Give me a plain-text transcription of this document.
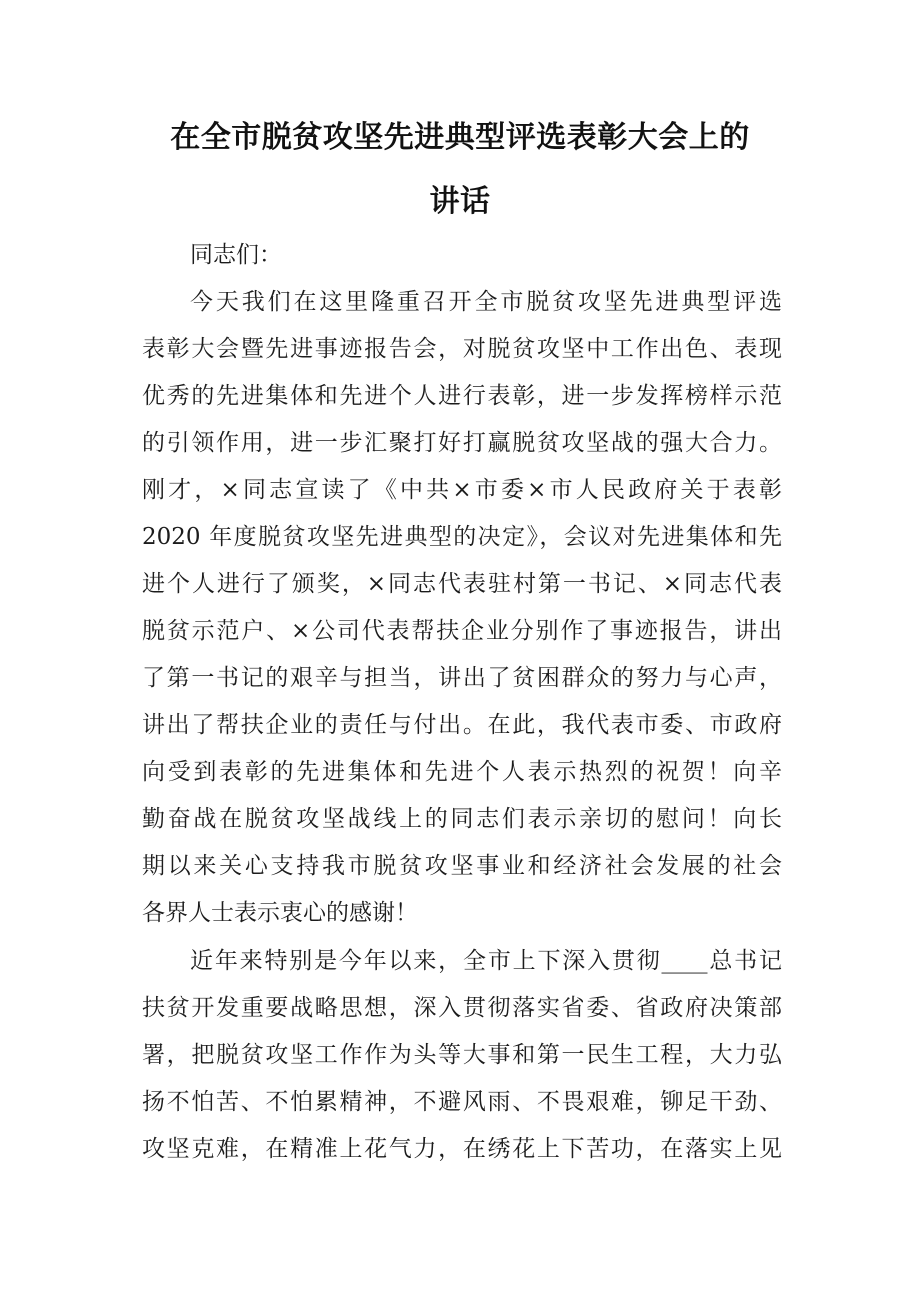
在全市脱贫攻坚先进典型评选表彰大会上的
讲话
同志们：
今天我们在这里隆重召开全市脱贫攻坚先进典型评选
表彰大会暨先进事迹报告会，对脱贫攻坚中工作出色、表现
优秀的先进集体和先进个人进行表彰，进一步发挥榜样示范
的引领作用，进一步汇聚打好打赢脱贫攻坚战的强大合力。
刚才，×同志宣读了《中共×市委×市人民政府关于表彰
2020 年度脱贫攻坚先进典型的决定》，会议对先进集体和先
进个人进行了颁奖，×同志代表驻村第一书记、×同志代表
脱贫示范户、×公司代表帮扶企业分别作了事迹报告，讲出
了第一书记的艰辛与担当，讲出了贫困群众的努力与心声，
讲出了帮扶企业的责任与付出。在此，我代表市委、市政府
向受到表彰的先进集体和先进个人表示热烈的祝贺！向辛
勤奋战在脱贫攻坚战线上的同志们表示亲切的慰问！向长
期以来关心支持我市脱贫攻坚事业和经济社会发展的社会
各界人士表示衷心的感谢！
近年来特别是今年以来，全市上下深入贯彻____总书记
扶贫开发重要战略思想，深入贯彻落实省委、省政府决策部
署，把脱贫攻坚工作作为头等大事和第一民生工程，大力弘
扬不怕苦、不怕累精神，不避风雨、不畏艰难，铆足干劲、
攻坚克难，在精准上花气力，在绣花上下苦功，在落实上见
